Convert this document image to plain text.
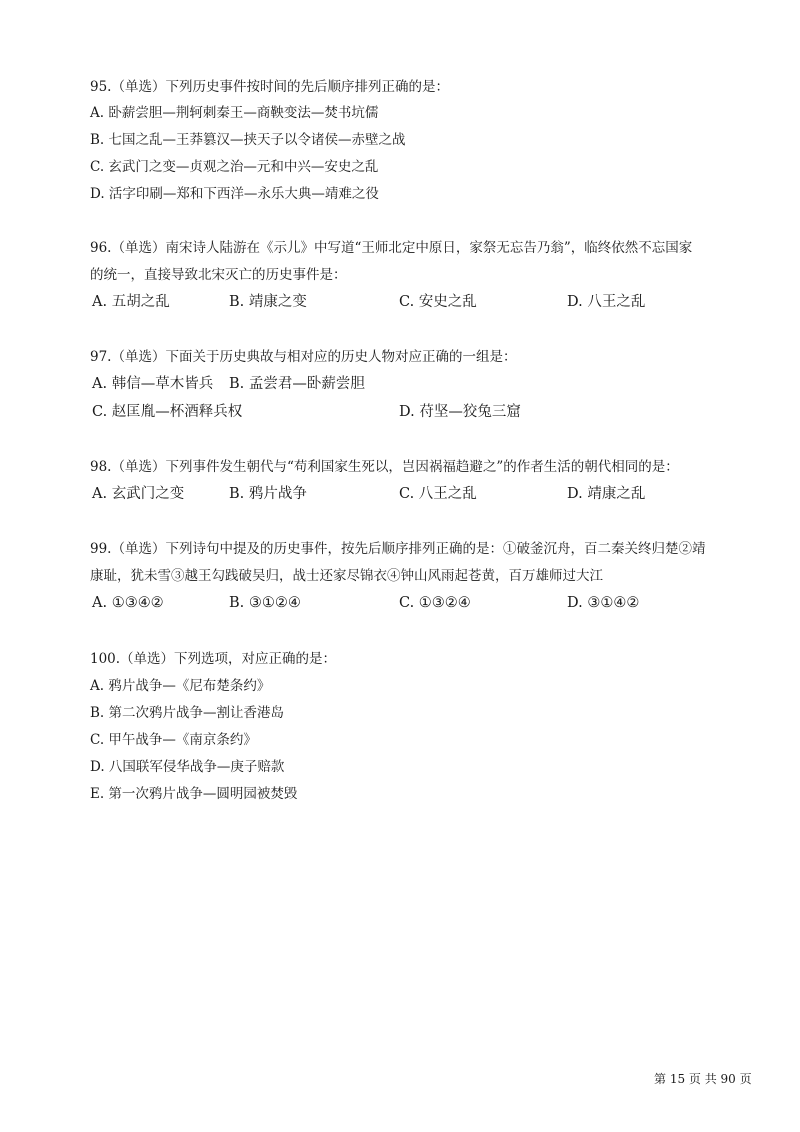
95.（单选）下列历史事件按时间的先后顺序排列正确的是：
A. 卧薪尝胆—荆轲刺秦王—商鞅变法—焚书坑儒
B. 七国之乱—王莽篡汉—挟天子以令诸侯—赤壁之战
C. 玄武门之变—贞观之治—元和中兴—安史之乱
D. 活字印刷—郑和下西洋—永乐大典—靖难之役
96.（单选）南宋诗人陆游在《示儿》中写道“王师北定中原日，家祭无忘告乃翁”，临终依然不忘国家
的统一，直接导致北宋灭亡的历史事件是：
A. 五胡之乱	B. 靖康之变	C. 安史之乱	D. 八王之乱
97.（单选）下面关于历史典故与相对应的历史人物对应正确的一组是：
A. 韩信—草木皆兵 B. 孟尝君—卧薪尝胆
C. 赵匡胤—杯酒释兵权	D. 苻坚—狡兔三窟
98.（单选）下列事件发生朝代与“苟利国家生死以，岂因祸福趋避之”的作者生活的朝代相同的是：
A. 玄武门之变	B. 鸦片战争	C. 八王之乱	D. 靖康之乱
99.（单选）下列诗句中提及的历史事件，按先后顺序排列正确的是：①破釜沉舟，百二秦关终归楚②靖
康耻，犹未雪③越王勾践破吴归，战士还家尽锦衣④钟山风雨起苍黄，百万雄师过大江
A. ①③④②	B. ③①②④	C. ①③②④	D. ③①④②
100.（单选）下列选项，对应正确的是：
A. 鸦片战争—《尼布楚条约》
B. 第二次鸦片战争—割让香港岛
C. 甲午战争—《南京条约》
D. 八国联军侵华战争—庚子赔款
E. 第一次鸦片战争—圆明园被焚毁
第 15 页 共 90 页
